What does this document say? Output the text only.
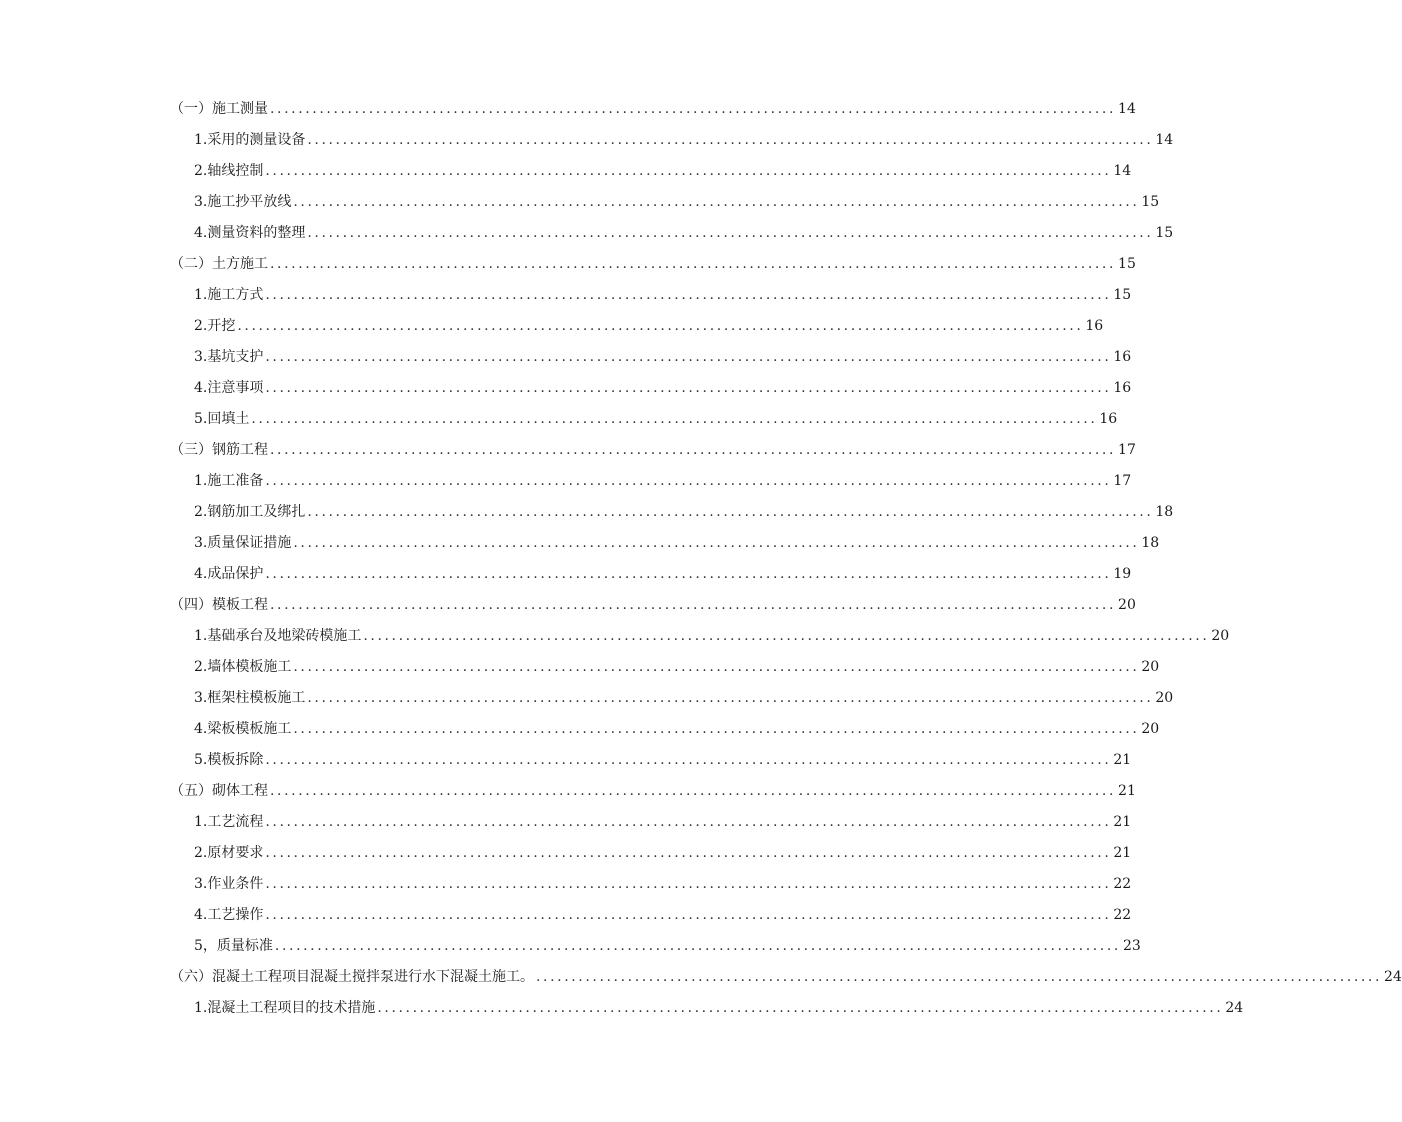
（一）施工测量 ........................................................................................................................ 14
1.采用的测量设备 ........................................................................................................................ 14
2.轴线控制 ........................................................................................................................ 14
3.施工抄平放线 ........................................................................................................................ 15
4.测量资料的整理 ........................................................................................................................ 15
（二）土方施工 ........................................................................................................................ 15
1.施工方式 ........................................................................................................................ 15
2.开挖 ........................................................................................................................ 16
3.基坑支护 ........................................................................................................................ 16
4.注意事项 ........................................................................................................................ 16
5.回填土 ........................................................................................................................ 16
（三）钢筋工程 ........................................................................................................................ 17
1.施工准备 ........................................................................................................................ 17
2.钢筋加工及绑扎 ........................................................................................................................ 18
3.质量保证措施 ........................................................................................................................ 18
4.成品保护 ........................................................................................................................ 19
（四）模板工程 ........................................................................................................................ 20
1.基础承台及地梁砖模施工 ........................................................................................................................ 20
2.墙体模板施工 ........................................................................................................................ 20
3.框架柱模板施工 ........................................................................................................................ 20
4.梁板模板施工 ........................................................................................................................ 20
5.模板拆除 ........................................................................................................................ 21
（五）砌体工程 ........................................................................................................................ 21
1.工艺流程 ........................................................................................................................ 21
2.原材要求 ........................................................................................................................ 21
3.作业条件 ........................................................................................................................ 22
4.工艺操作 ........................................................................................................................ 22
5，质量标准 ........................................................................................................................ 23
（六）混凝土工程项目混凝土搅拌泵进行水下混凝土施工。 ........................................................................................................................ 24
1.混凝土工程项目的技术措施 ........................................................................................................................ 24
